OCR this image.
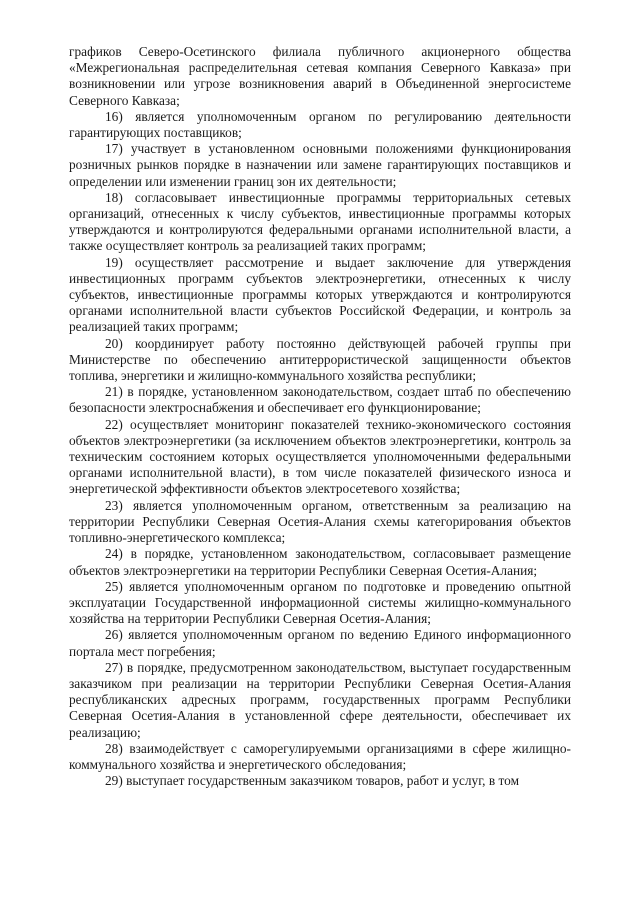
графиков Северо-Осетинского филиала публичного акционерного общества «Межрегиональная распределительная сетевая компания Северного Кавказа» при возникновении или угрозе возникновения аварий в Объединенной энергосистеме Северного Кавказа;

16) является уполномоченным органом по регулированию деятельности гарантирующих поставщиков;

17) участвует в установленном основными положениями функционирования розничных рынков порядке в назначении или замене гарантирующих поставщиков и определении или изменении границ зон их деятельности;

18) согласовывает инвестиционные программы территориальных сетевых организаций, отнесенных к числу субъектов, инвестиционные программы которых утверждаются и контролируются федеральными органами исполнительной власти, а также осуществляет контроль за реализацией таких программ;

19) осуществляет рассмотрение и выдает заключение для утверждения инвестиционных программ субъектов электроэнергетики, отнесенных к числу субъектов, инвестиционные программы которых утверждаются и контролируются органами исполнительной власти субъектов Российской Федерации, и контроль за реализацией таких программ;

20) координирует работу постоянно действующей рабочей группы при Министерстве по обеспечению антитеррористической защищенности объектов топлива, энергетики и жилищно-коммунального хозяйства республики;

21) в порядке, установленном законодательством, создает штаб по обеспечению безопасности электроснабжения и обеспечивает его функционирование;

22) осуществляет мониторинг показателей технико-экономического состояния объектов электроэнергетики (за исключением объектов электроэнергетики, контроль за техническим состоянием которых осуществляется уполномоченными федеральными органами исполнительной власти), в том числе показателей физического износа и энергетической эффективности объектов электросетевого хозяйства;

23) является уполномоченным органом, ответственным за реализацию на территории Республики Северная Осетия-Алания схемы категорирования объектов топливно-энергетического комплекса;

24) в порядке, установленном законодательством, согласовывает размещение объектов электроэнергетики на территории Республики Северная Осетия-Алания;

25) является уполномоченным органом по подготовке и проведению опытной эксплуатации Государственной информационной системы жилищно-коммунального хозяйства на территории Республики Северная Осетия-Алания;

26) является уполномоченным органом по ведению Единого информационного портала мест погребения;

27) в порядке, предусмотренном законодательством, выступает государственным заказчиком при реализации на территории Республики Северная Осетия-Алания республиканских адресных программ, государственных программ Республики Северная Осетия-Алания в установленной сфере деятельности, обеспечивает их реализацию;

28) взаимодействует с саморегулируемыми организациями в сфере жилищно-коммунального хозяйства и энергетического обследования;

29) выступает государственным заказчиком товаров, работ и услуг, в том
